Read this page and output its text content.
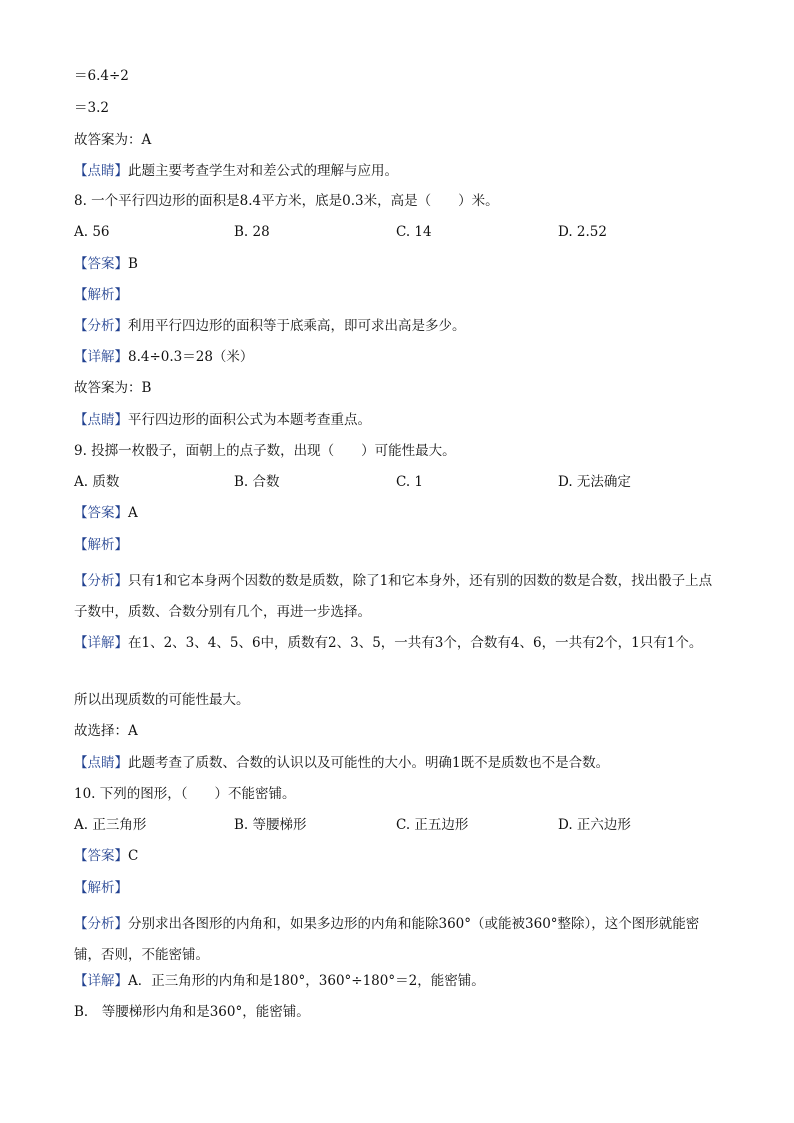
＝6.4÷2
＝3.2
故答案为：A
【点睛】此题主要考查学生对和差公式的理解与应用。
8. 一个平行四边形的面积是8.4平方米，底是0.3米，高是（　　）米。
A. 56	B. 28	C. 14	D. 2.52
【答案】B
【解析】
【分析】利用平行四边形的面积等于底乘高，即可求出高是多少。
【详解】8.4÷0.3＝28（米）
故答案为：B
【点睛】平行四边形的面积公式为本题考查重点。
9. 投掷一枚骰子，面朝上的点子数，出现（　　）可能性最大。
A. 质数	B. 合数	C. 1	D. 无法确定
【答案】A
【解析】
【分析】只有1和它本身两个因数的数是质数，除了1和它本身外，还有别的因数的数是合数，找出骰子上点子数中，质数、合数分别有几个，再进一步选择。
【详解】在1、2、3、4、5、6中，质数有2、3、5，一共有3个，合数有4、6，一共有2个，1只有1个。
所以出现质数的可能性最大。
故选择：A
【点睛】此题考查了质数、合数的认识以及可能性的大小。明确1既不是质数也不是合数。
10. 下列的图形，（　　）不能密铺。
A. 正三角形	B. 等腰梯形	C. 正五边形	D. 正六边形
【答案】C
【解析】
【分析】分别求出各图形的内角和，如果多边形的内角和能除360°（或能被360°整除），这个图形就能密铺，否则，不能密铺。
【详解】A．正三角形的内角和是180°，360°÷180°＝2，能密铺。
B． 等腰梯形内角和是360°，能密铺。
